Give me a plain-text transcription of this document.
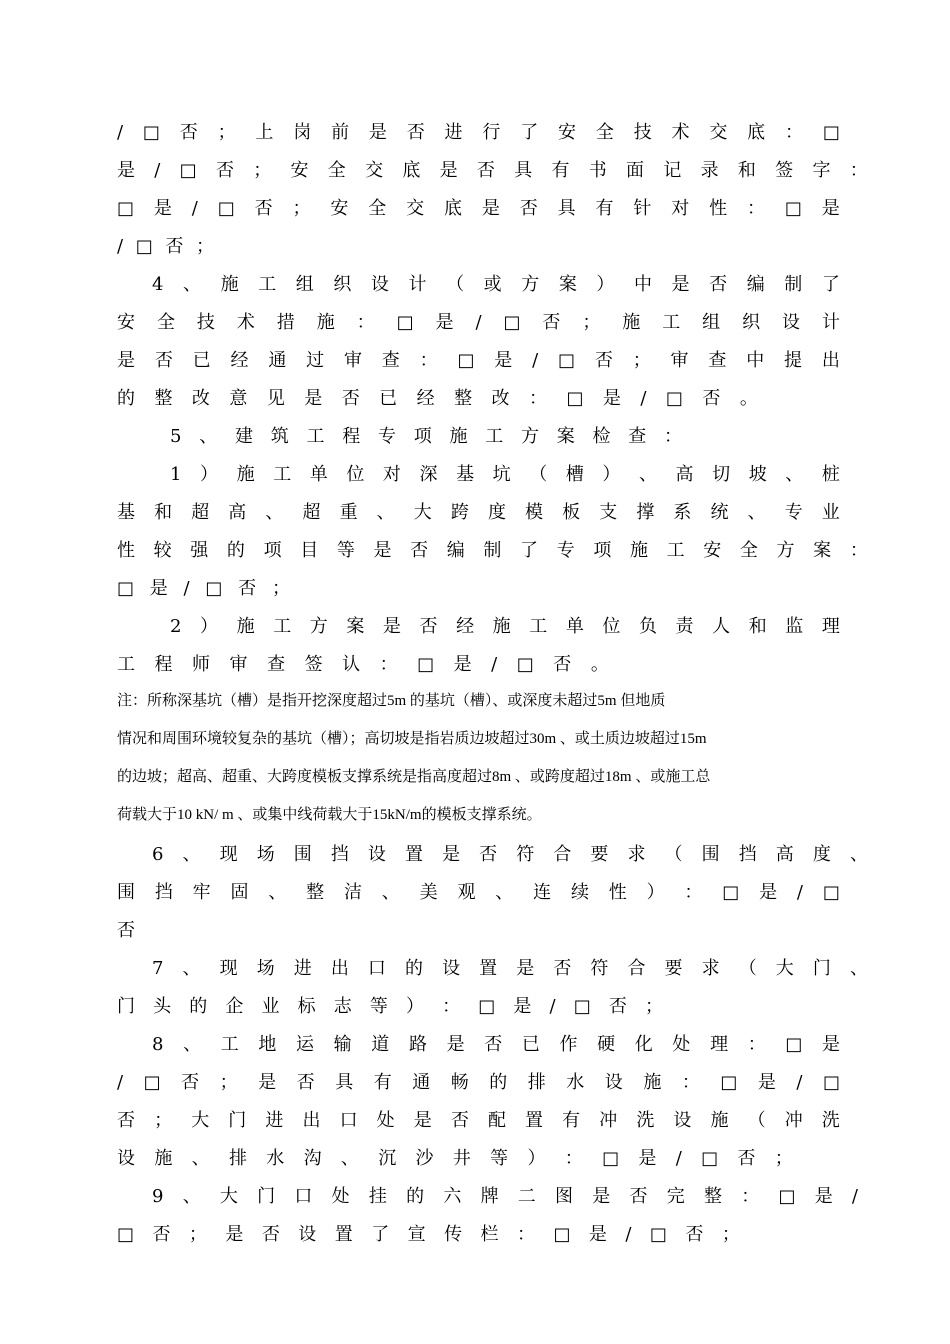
/ □ 否 ； 上 岗 前 是 否 进 行 了 安 全 技 术 交 底 ： □
是 / □ 否 ； 安 全 交 底 是 否 具 有 书 面 记 录 和 签 字 ：
□ 是 / □ 否 ； 安 全 交 底 是 否 具 有 针 对 性 ： □ 是
/ □ 否 ；
4 、 施 工 组 织 设 计 （ 或 方 案 ） 中 是 否 编 制 了
安 全 技 术 措 施 ： □ 是 / □ 否 ； 施 工 组 织 设 计
是 否 已 经 通 过 审 查 ： □ 是 / □ 否 ； 审 查 中 提 出
的 整 改 意 见 是 否 已 经 整 改 ： □ 是 / □ 否 。
5 、 建 筑 工 程 专 项 施 工 方 案 检 查 ：
1 ） 施 工 单 位 对 深 基 坑 （ 槽 ） 、 高 切 坡 、 桩
基 和 超 高 、 超 重 、 大 跨 度 模 板 支 撑 系 统 、 专 业
性 较 强 的 项 目 等 是 否 编 制 了 专 项 施 工 安 全 方 案 ：
□ 是 / □ 否 ；
2 ） 施 工 方 案 是 否 经 施 工 单 位 负 责 人 和 监 理
工 程 师 审 查 签 认 ： □ 是 / □ 否 。
注：所称深基坑（槽）是指开挖深度超过5m 的基坑（槽）、或深度未超过5m 但地质
情况和周围环境较复杂的基坑（槽）；高切坡是指岩质边坡超过30m 、或土质边坡超过15m
的边坡；超高、超重、大跨度模板支撑系统是指高度超过8m 、或跨度超过18m 、或施工总
荷载大于10 kN/ m 、或集中线荷载大于15kN/m的模板支撑系统。
6 、 现 场 围 挡 设 置 是 否 符 合 要 求 （ 围 挡 高 度 、
围 挡 牢 固 、 整 洁 、 美 观 、 连 续 性 ） ： □ 是 / □
否
7 、 现 场 进 出 口 的 设 置 是 否 符 合 要 求 （ 大 门 、
门 头 的 企 业 标 志 等 ） ： □ 是 / □ 否 ；
8 、 工 地 运 输 道 路 是 否 已 作 硬 化 处 理 ： □ 是
/ □ 否 ； 是 否 具 有 通 畅 的 排 水 设 施 ： □ 是 / □
否 ； 大 门 进 出 口 处 是 否 配 置 有 冲 洗 设 施 （ 冲 洗
设 施 、 排 水 沟 、 沉 沙 井 等 ） ： □ 是 / □ 否 ；
9 、 大 门 口 处 挂 的 六 牌 二 图 是 否 完 整 ： □ 是 /
□ 否 ； 是 否 设 置 了 宣 传 栏 ： □ 是 / □ 否 ；
